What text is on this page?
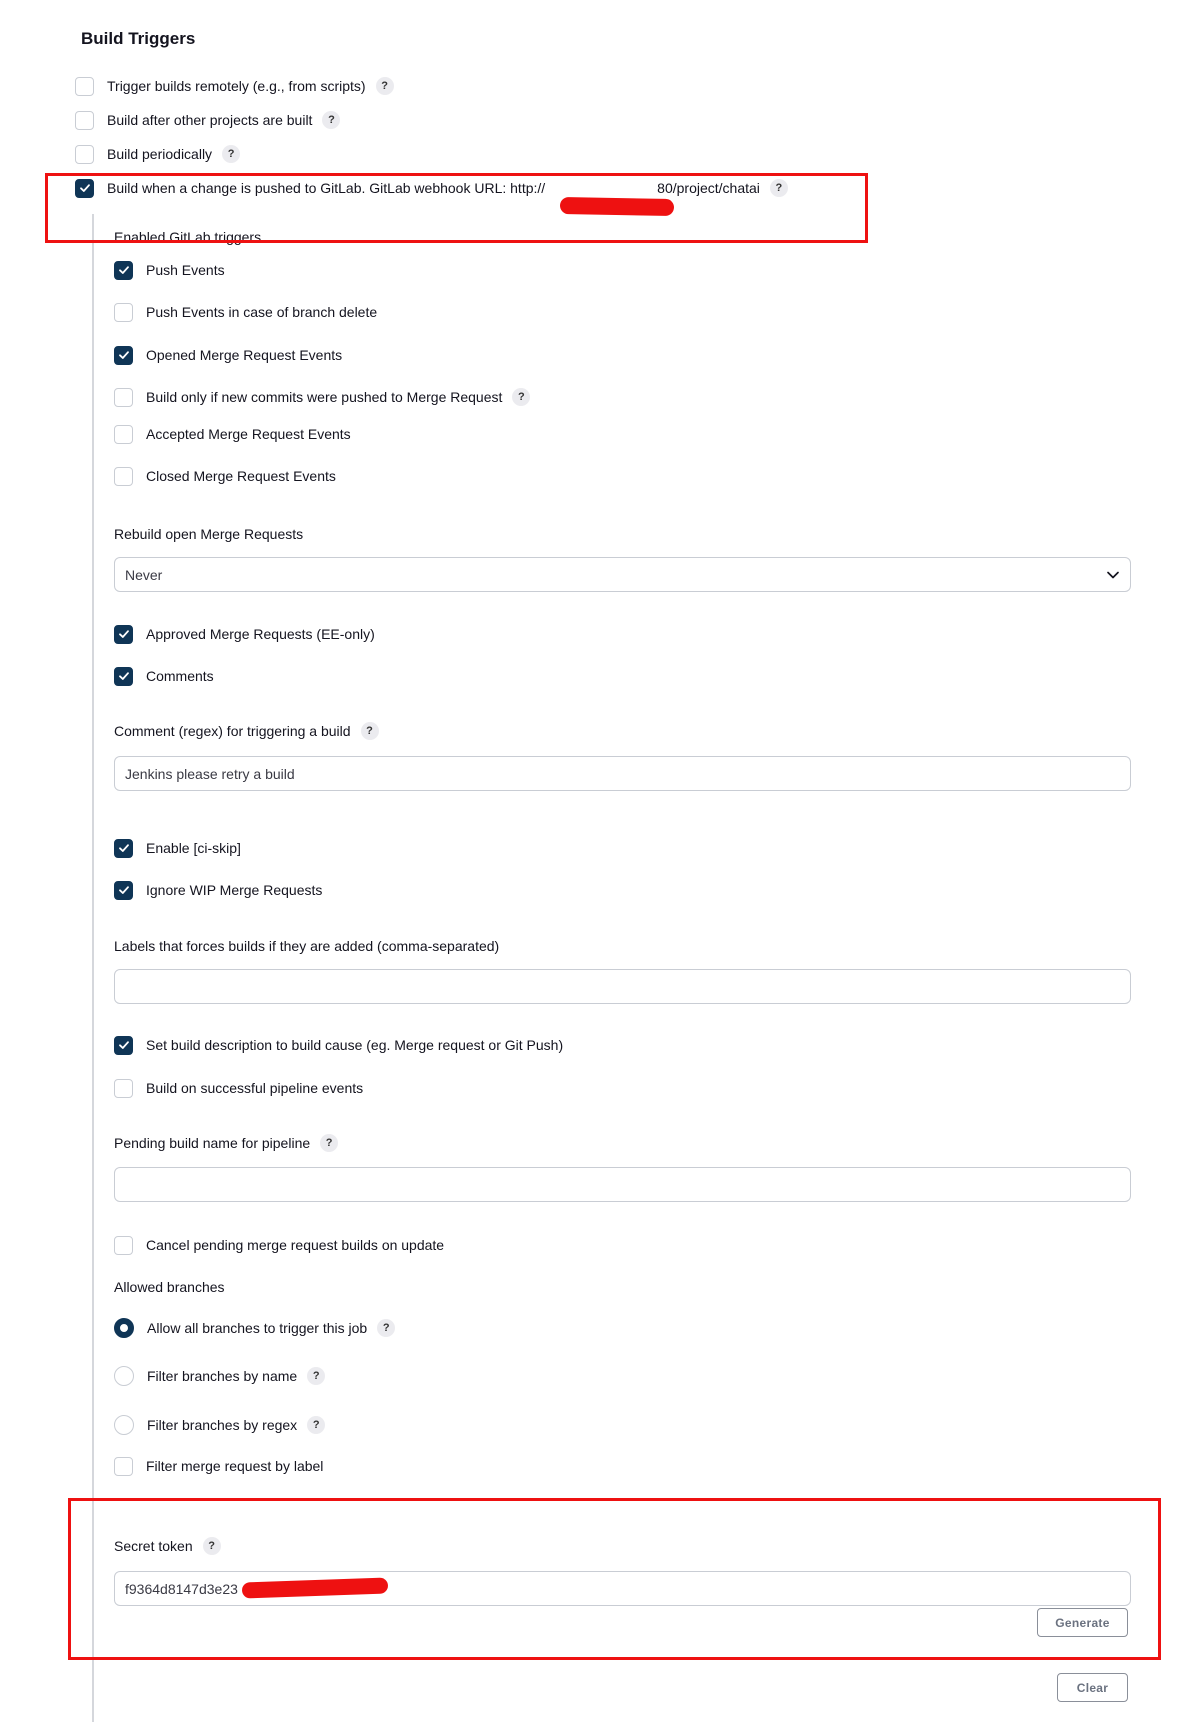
Build Triggers
Trigger builds remotely (e.g., from scripts)	?
Build after other projects are built	?
Build periodically	?
Build when a change is pushed to GitLab. GitLab webhook URL: http://	80/project/chatai	?
Enabled GitLab triggers
Push Events
Push Events in case of branch delete
Opened Merge Request Events
Build only if new commits were pushed to Merge Request	?
Accepted Merge Request Events
Closed Merge Request Events
Rebuild open Merge Requests
Never
Approved Merge Requests (EE-only)
Comments
Comment (regex) for triggering a build	?
Jenkins please retry a build
Enable [ci-skip]
Ignore WIP Merge Requests
Labels that forces builds if they are added (comma-separated)
Set build description to build cause (eg. Merge request or Git Push)
Build on successful pipeline events
Pending build name for pipeline	?
Cancel pending merge request builds on update
Allowed branches
Allow all branches to trigger this job	?
Filter branches by name	?
Filter branches by regex	?
Filter merge request by label
Secret token	?
f9364d8147d3e23
Generate
Clear
